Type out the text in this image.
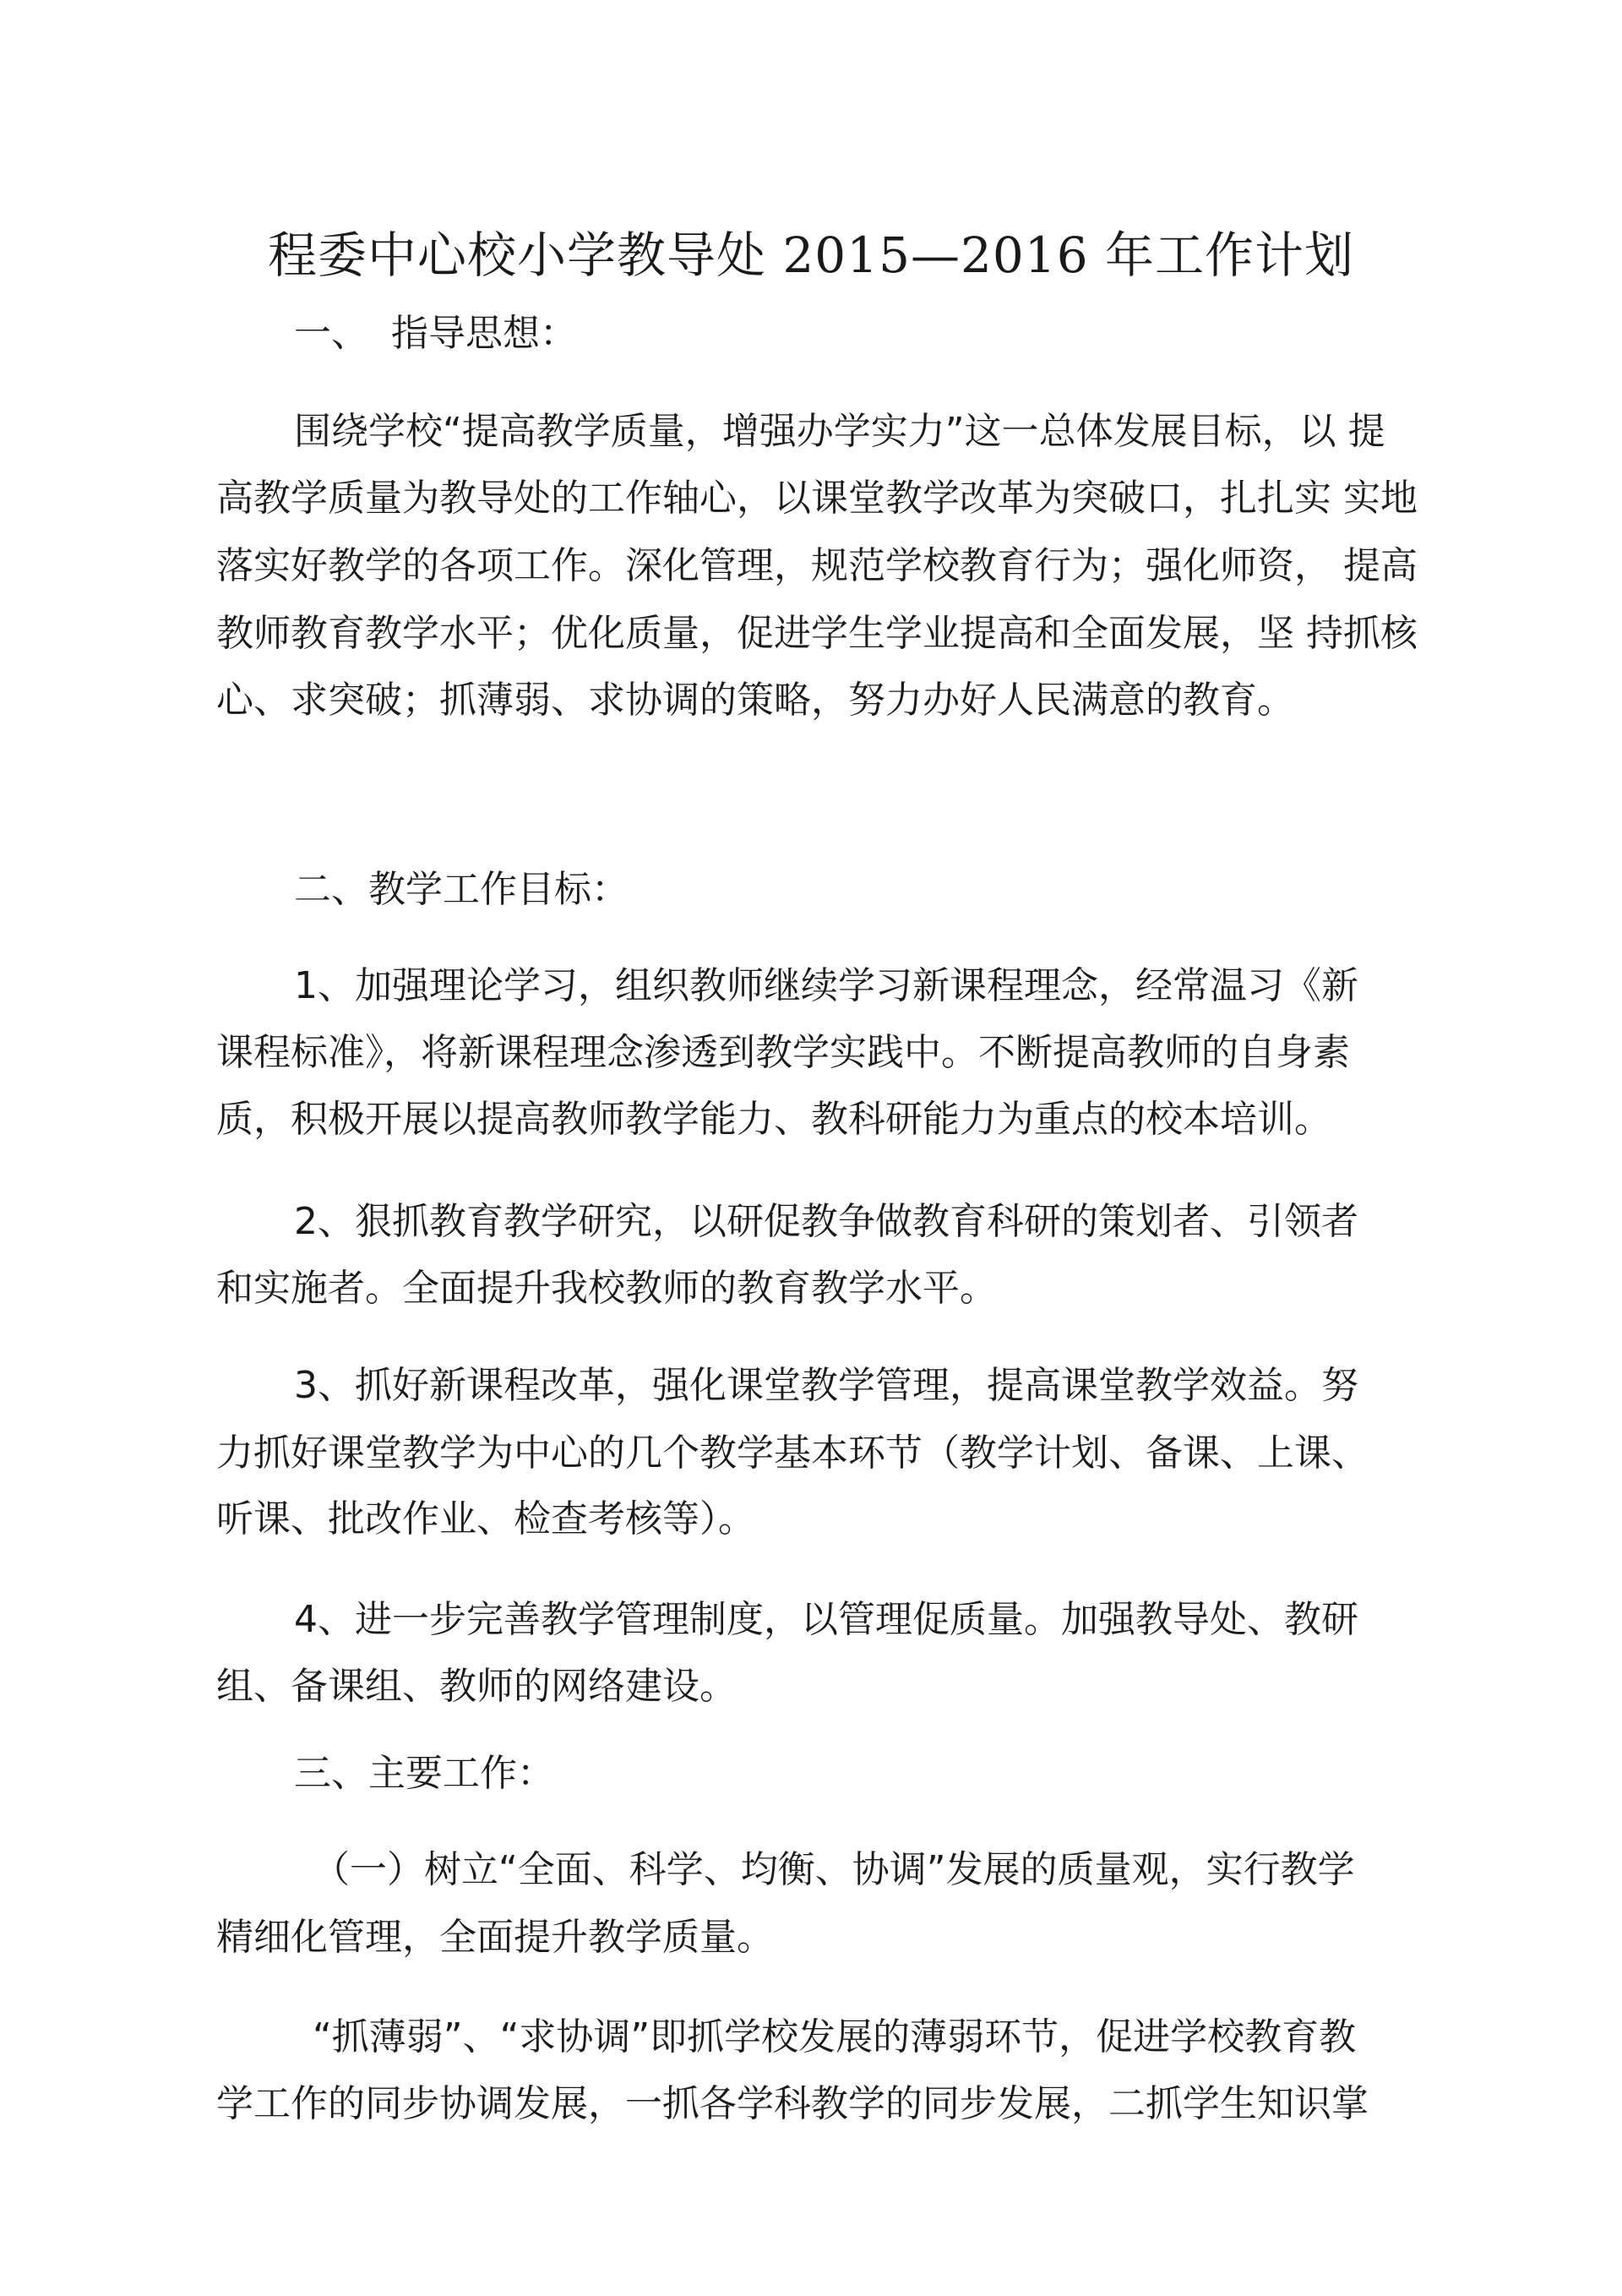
程委中心校小学教导处 2015—2016 年工作计划
一、 指导思想：
围绕学校“提高教学质量，增强办学实力”这一总体发展目标，以 提
高教学质量为教导处的工作轴心，以课堂教学改革为突破口，扎扎实 实地
落实好教学的各项工作。深化管理，规范学校教育行为；强化师资， 提高
教师教育教学水平；优化质量，促进学生学业提高和全面发展，坚 持抓核
心、求突破；抓薄弱、求协调的策略，努力办好人民满意的教育。
二、教学工作目标：
1、加强理论学习，组织教师继续学习新课程理念，经常温习《新
课程标准》，将新课程理念渗透到教学实践中。不断提高教师的自身素
质，积极开展以提高教师教学能力、教科研能力为重点的校本培训。
2、狠抓教育教学研究，以研促教争做教育科研的策划者、引领者
和实施者。全面提升我校教师的教育教学水平。
3、抓好新课程改革，强化课堂教学管理，提高课堂教学效益。努
力抓好课堂教学为中心的几个教学基本环节（教学计划、备课、上课、
听课、批改作业、检查考核等）。
4、进一步完善教学管理制度，以管理促质量。加强教导处、教研
组、备课组、教师的网络建设。
三、主要工作：
（一）树立“全面、科学、均衡、协调”发展的质量观，实行教学
精细化管理，全面提升教学质量。
“抓薄弱”、“求协调”即抓学校发展的薄弱环节，促进学校教育教
学工作的同步协调发展，一抓各学科教学的同步发展，二抓学生知识掌
